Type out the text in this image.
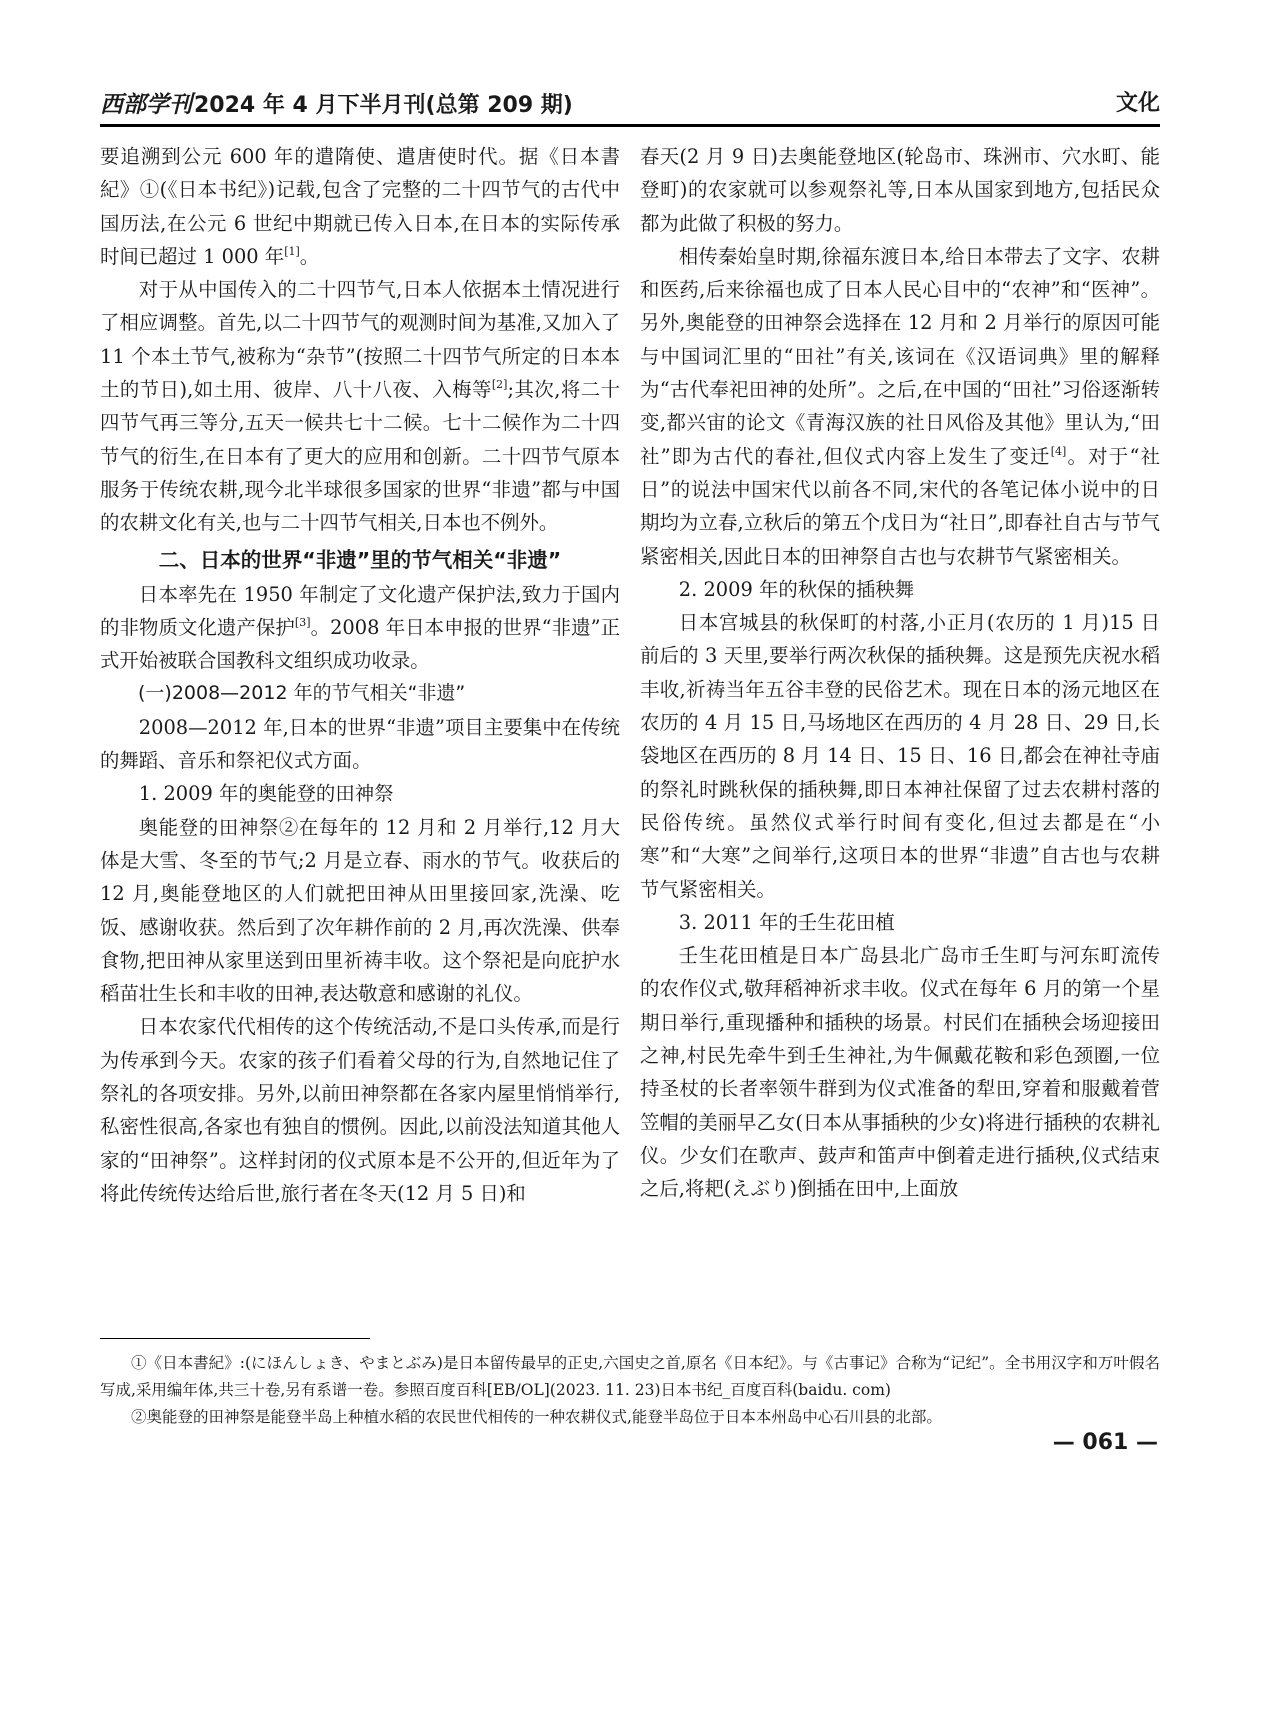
西部学刊2024 年 4 月下半月刊(总第 209 期)	文化

要追溯到公元 600 年的遣隋使、遣唐使时代。据《日本書紀》①(《日本书纪》)记载,包含了完整的二十四节气的古代中国历法,在公元 6 世纪中期就已传入日本,在日本的实际传承时间已超过 1 000 年[1]。

对于从中国传入的二十四节气,日本人依据本土情况进行了相应调整。首先,以二十四节气的观测时间为基准,又加入了 11 个本土节气,被称为“杂节”(按照二十四节气所定的日本本土的节日),如土用、彼岸、八十八夜、入梅等[2];其次,将二十四节气再三等分,五天一候共七十二候。七十二候作为二十四节气的衍生,在日本有了更大的应用和创新。二十四节气原本服务于传统农耕,现今北半球很多国家的世界“非遗”都与中国的农耕文化有关,也与二十四节气相关,日本也不例外。

二、日本的世界“非遗”里的节气相关“非遗”

日本率先在 1950 年制定了文化遗产保护法,致力于国内的非物质文化遗产保护[3]。2008 年日本申报的世界“非遗”正式开始被联合国教科文组织成功收录。

(一)2008—2012 年的节气相关“非遗”

2008—2012 年,日本的世界“非遗”项目主要集中在传统的舞蹈、音乐和祭祀仪式方面。

1. 2009 年的奥能登的田神祭

奥能登的田神祭②在每年的 12 月和 2 月举行,12 月大体是大雪、冬至的节气;2 月是立春、雨水的节气。收获后的 12 月,奥能登地区的人们就把田神从田里接回家,洗澡、吃饭、感谢收获。然后到了次年耕作前的 2 月,再次洗澡、供奉食物,把田神从家里送到田里祈祷丰收。这个祭祀是向庇护水稻苗壮生长和丰收的田神,表达敬意和感谢的礼仪。

日本农家代代相传的这个传统活动,不是口头传承,而是行为传承到今天。农家的孩子们看着父母的行为,自然地记住了祭礼的各项安排。另外,以前田神祭都在各家内屋里悄悄举行,私密性很高,各家也有独自的惯例。因此,以前没法知道其他人家的“田神祭”。这样封闭的仪式原本是不公开的,但近年为了将此传统传达给后世,旅行者在冬天(12 月 5 日)和

春天(2 月 9 日)去奥能登地区(轮岛市、珠洲市、穴水町、能登町)的农家就可以参观祭礼等,日本从国家到地方,包括民众都为此做了积极的努力。

相传秦始皇时期,徐福东渡日本,给日本带去了文字、农耕和医药,后来徐福也成了日本人民心目中的“农神”和“医神”。另外,奥能登的田神祭会选择在 12 月和 2 月举行的原因可能与中国词汇里的“田社”有关,该词在《汉语词典》里的解释为“古代奉祀田神的处所”。之后,在中国的“田社”习俗逐渐转变,都兴宙的论文《青海汉族的社日风俗及其他》里认为,“田社”即为古代的春社,但仪式内容上发生了变迁[4]。对于“社日”的说法中国宋代以前各不同,宋代的各笔记体小说中的日期均为立春,立秋后的第五个戊日为“社日”,即春社自古与节气紧密相关,因此日本的田神祭自古也与农耕节气紧密相关。

2. 2009 年的秋保的插秧舞

日本宫城县的秋保町的村落,小正月(农历的 1 月)15 日前后的 3 天里,要举行两次秋保的插秧舞。这是预先庆祝水稻丰收,祈祷当年五谷丰登的民俗艺术。现在日本的汤元地区在农历的 4 月 15 日,马场地区在西历的 4 月 28 日、29 日,长袋地区在西历的 8 月 14 日、15 日、16 日,都会在神社寺庙的祭礼时跳秋保的插秧舞,即日本神社保留了过去农耕村落的民俗传统。虽然仪式举行时间有变化,但过去都是在“小寒”和“大寒”之间举行,这项日本的世界“非遗”自古也与农耕节气紧密相关。

3. 2011 年的壬生花田植

壬生花田植是日本广岛县北广岛市壬生町与河东町流传的农作仪式,敬拜稻神祈求丰收。仪式在每年 6 月的第一个星期日举行,重现播种和插秧的场景。村民们在插秧会场迎接田之神,村民先牵牛到壬生神社,为牛佩戴花鞍和彩色颈圈,一位持圣杖的长者率领牛群到为仪式准备的犁田,穿着和服戴着菅笠帽的美丽早乙女(日本从事插秧的少女)将进行插秧的农耕礼仪。少女们在歌声、鼓声和笛声中倒着走进行插秧,仪式结束之后,将耙(えぶり)倒插在田中,上面放

①《日本書紀》:(にほんしょき、やまとぶみ)是日本留传最早的正史,六国史之首,原名《日本纪》。与《古事记》合称为“记纪”。全书用汉字和万叶假名写成,采用编年体,共三十卷,另有系谱一卷。参照百度百科[EB/OL](2023. 11. 23)日本书纪_百度百科(baidu. com)

②奥能登的田神祭是能登半岛上种植水稻的农民世代相传的一种农耕仪式,能登半岛位于日本本州岛中心石川县的北部。

— 061 —
